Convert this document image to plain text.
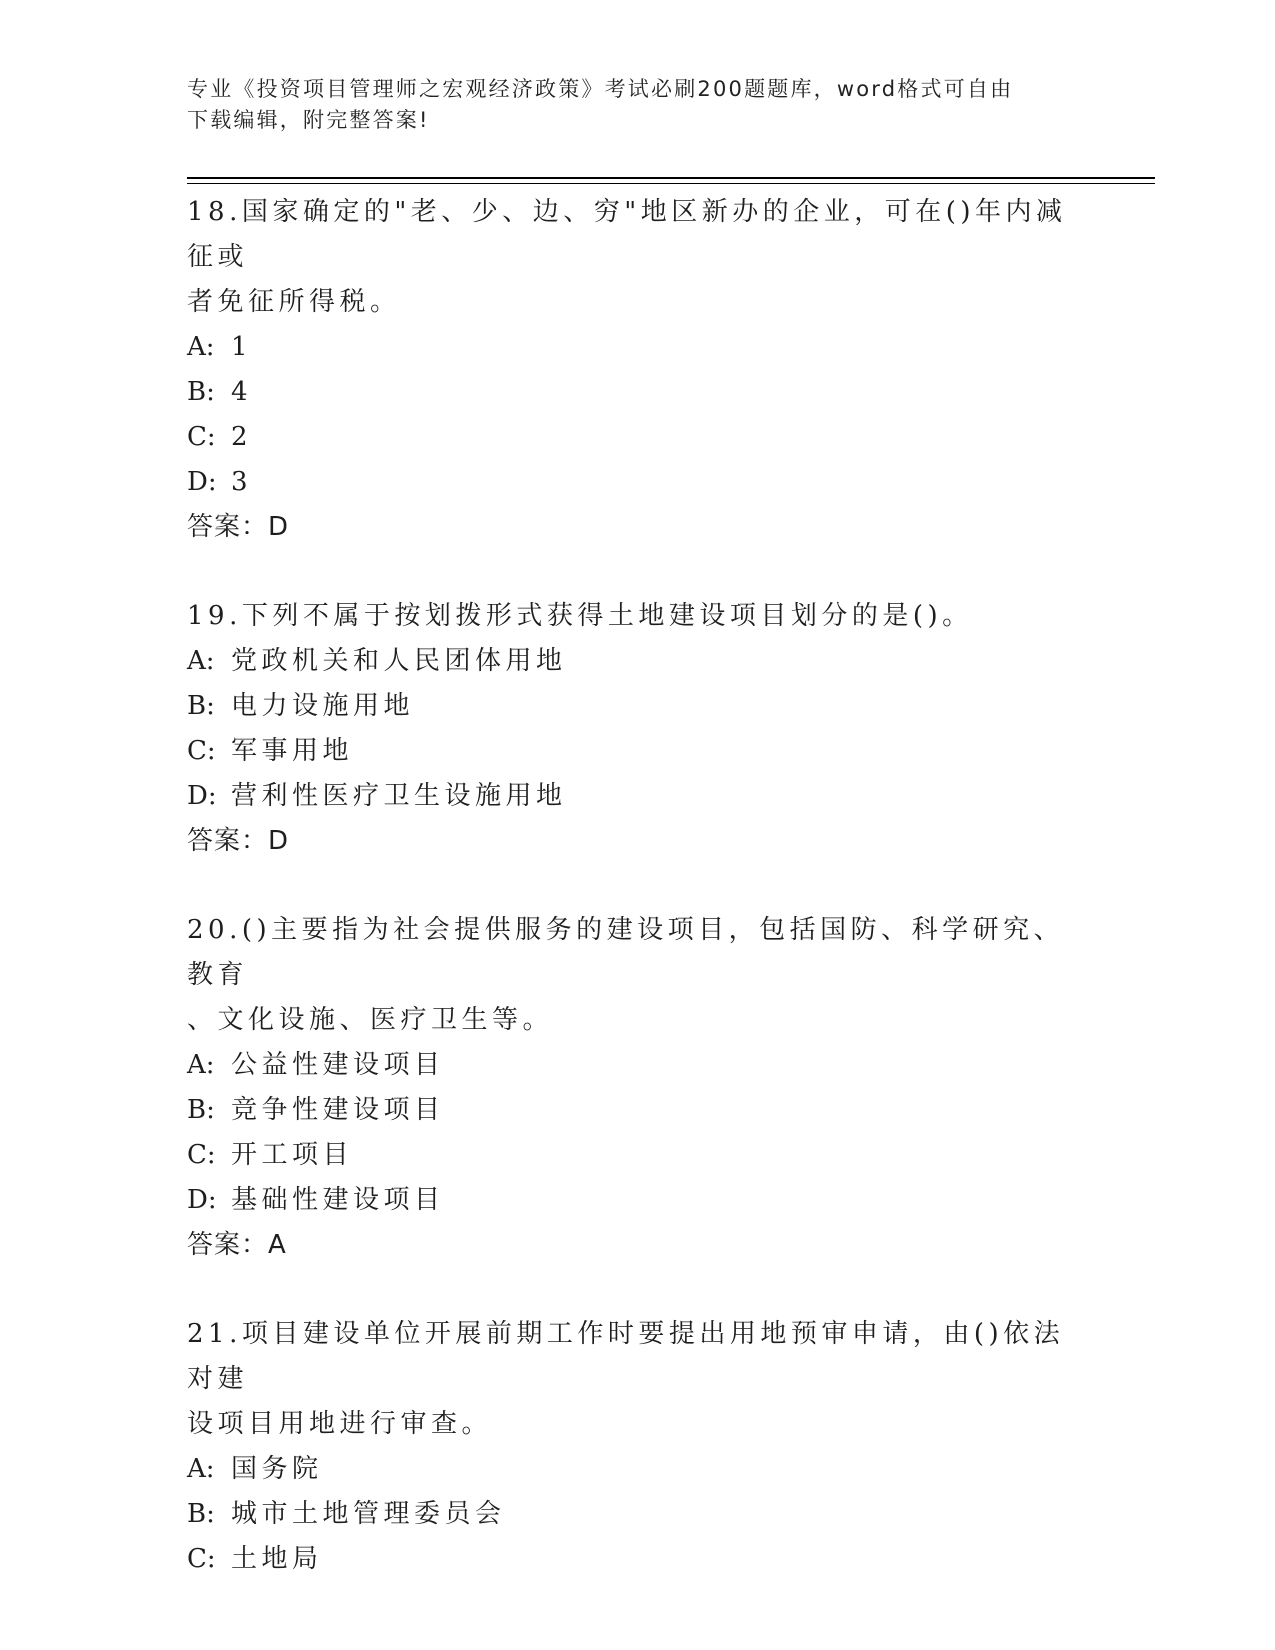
专业《投资项目管理师之宏观经济政策》考试必刷200题题库，word格式可自由
下载编辑，附完整答案!
18.国家确定的"老、少、边、穷"地区新办的企业，可在()年内减征或
者免征所得税。
A: 1
B: 4
C: 2
D: 3
答案：D
19.下列不属于按划拨形式获得土地建设项目划分的是()。
A: 党政机关和人民团体用地
B: 电力设施用地
C: 军事用地
D: 营利性医疗卫生设施用地
答案：D
20.()主要指为社会提供服务的建设项目，包括国防、科学研究、教育
、文化设施、医疗卫生等。
A: 公益性建设项目
B: 竞争性建设项目
C: 开工项目
D: 基础性建设项目
答案：A
21.项目建设单位开展前期工作时要提出用地预审申请，由()依法对建
设项目用地进行审查。
A: 国务院
B: 城市土地管理委员会
C: 土地局
